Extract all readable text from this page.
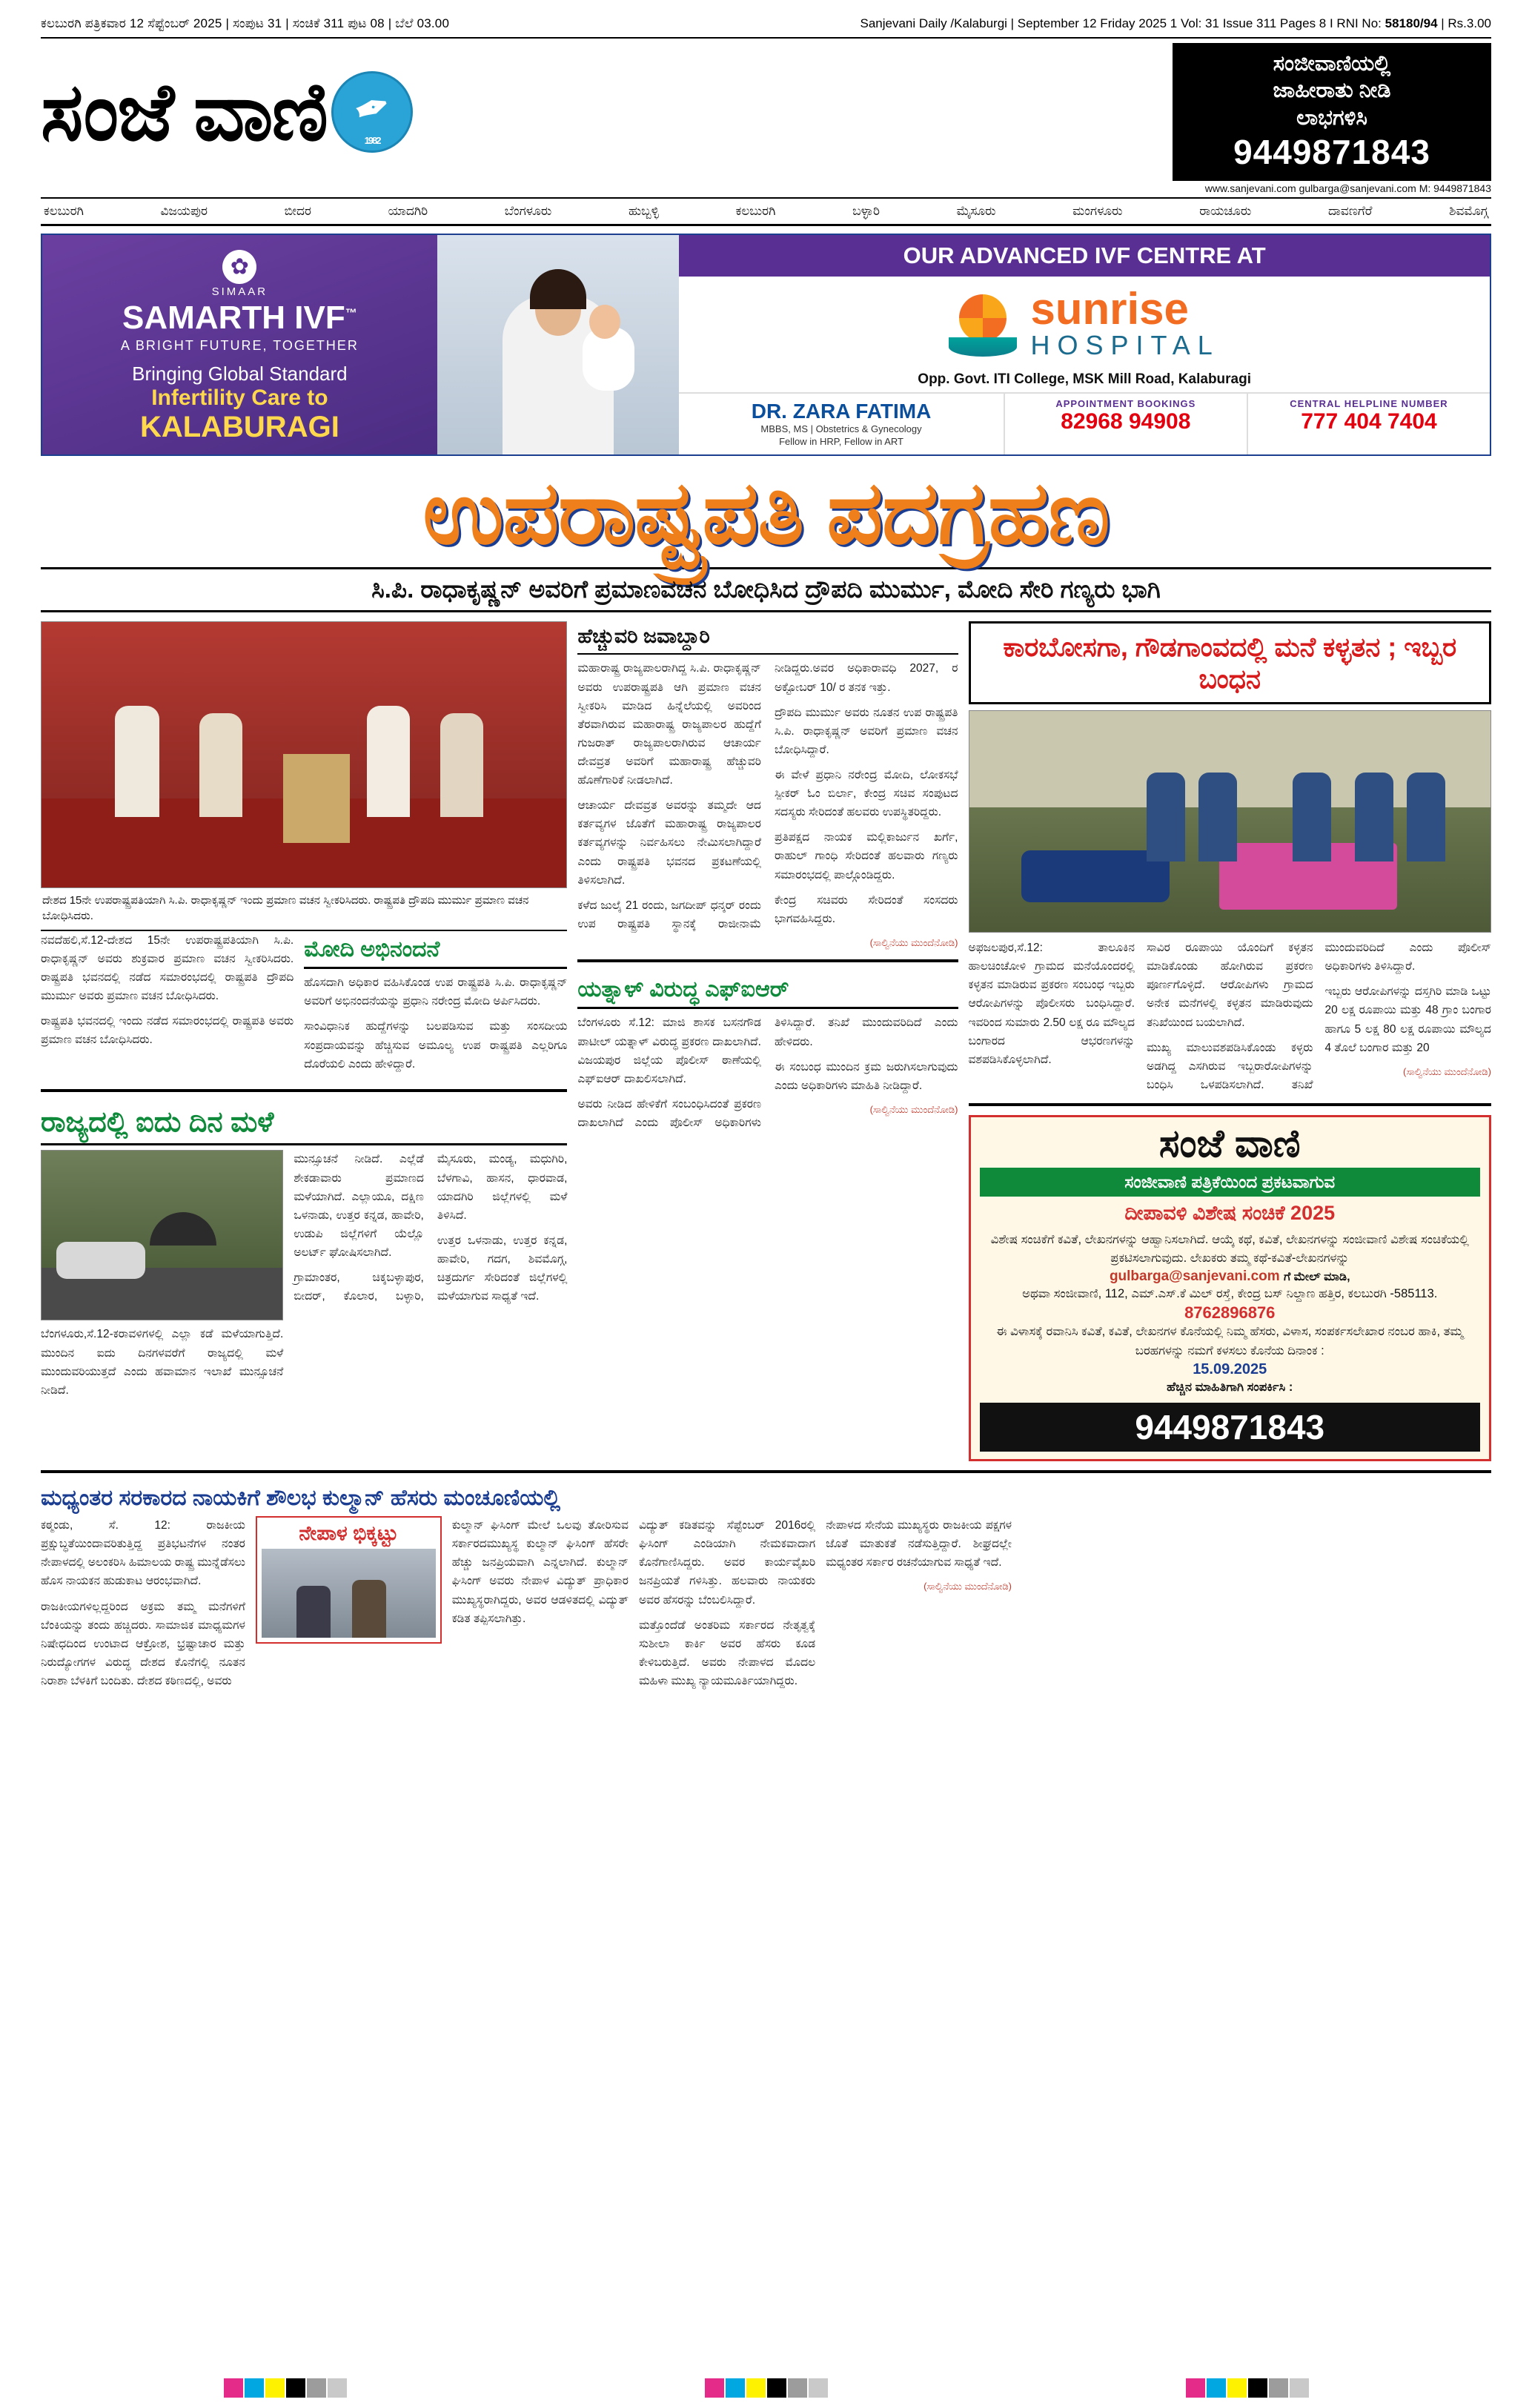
ಕಲಬುರಗಿ ಪತ್ರಿಕವಾರ 12 ಸೆಪ್ಟೆಂಬರ್ 2025 | ಸಂಪುಟ 31 | ಸಂಚಿಕೆ 311 ಪುಟ 08 | ಬೆಲೆ 03.00	Sanjevani Daily /Kalaburgi | September 12 Friday 2025 1 Vol: 31 Issue 311 Pages 8 I RNI No: 58180/94 | Rs.3.00
ಸಂಜೆ ವಾಣಿ	1982
✒
ಸಂಜೀವಾಣಿಯಲ್ಲಿ
ಜಾಹೀರಾತು ನೀಡಿ
ಲಾಭಗಳಿಸಿ
9449871843
www.sanjevani.com gulbarga@sanjevani.com M: 9449871843
ಕಲಬುರಗಿ	ವಿಜಯಪುರ	ಬೀದರ	ಯಾದಗಿರಿ	ಬೆಂಗಳೂರು	ಹುಬ್ಬಳ್ಳಿ	ಕಲಬುರಗಿ	ಬಳ್ಳಾರಿ	ಮೈಸೂರು	ಮಂಗಳೂರು	ರಾಯಚೂರು	ದಾವಣಗೆರೆ	ಶಿವಮೊಗ್ಗ
✿
SIMAAR
SAMARTH IVF™
A BRIGHT FUTURE, TOGETHER
Bringing Global Standard
Infertility Care to
KALABURAGI
OUR ADVANCED IVF CENTRE AT
sunrise
HOSPITAL
Opp. Govt. ITI College, MSK Mill Road, Kalaburagi
DR. ZARA FATIMA
MBBS, MS | Obstetrics & Gynecology
Fellow in HRP, Fellow in ART
APPOINTMENT BOOKINGS
82968 94908
CENTRAL HELPLINE NUMBER
777 404 7404
ಉಪರಾಷ್ಟ್ರಪತಿ ಪದಗ್ರಹಣ
ಸಿ.ಪಿ. ರಾಧಾಕೃಷ್ಣನ್ ಅವರಿಗೆ ಪ್ರಮಾಣವಚನ ಬೋಧಿಸಿದ ದ್ರೌಪದಿ ಮುರ್ಮು, ಮೋದಿ ಸೇರಿ ಗಣ್ಯರು ಭಾಗಿ
ದೇಶದ 15ನೇ ಉಪರಾಷ್ಟ್ರಪತಿಯಾಗಿ ಸಿ.ಪಿ. ರಾಧಾಕೃಷ್ಣನ್ ಇಂದು ಪ್ರಮಾಣ ವಚನ ಸ್ವೀಕರಿಸಿದರು. ರಾಷ್ಟ್ರಪತಿ ದ್ರೌಪದಿ ಮುರ್ಮು ಪ್ರಮಾಣ ವಚನ ಬೋಧಿಸಿದರು.

ನವದೆಹಲಿ,ಸೆ.12-ದೇಶದ 15ನೇ ಉಪರಾಷ್ಟ್ರಪತಿಯಾಗಿ ಸಿ.ಪಿ. ರಾಧಾಕೃಷ್ಣನ್ ಅವರು ಶುಕ್ರವಾರ ಪ್ರಮಾಣ ವಚನ ಸ್ವೀಕರಿಸಿದರು. ರಾಷ್ಟ್ರಪತಿ ಭವನದಲ್ಲಿ ನಡೆದ ಸಮಾರಂಭದಲ್ಲಿ ರಾಷ್ಟ್ರಪತಿ ದ್ರೌಪದಿ ಮುರ್ಮು ಅವರು ಪ್ರಮಾಣ ವಚನ ಬೋಧಿಸಿದರು.

ರಾಷ್ಟ್ರಪತಿ ಭವನದಲ್ಲಿ ಇಂದು ನಡೆದ ಸಮಾರಂಭದಲ್ಲಿ ರಾಷ್ಟ್ರಪತಿ ಅವರು ಪ್ರಮಾಣ ವಚನ ಬೋಧಿಸಿದರು.

ಮೋದಿ ಅಭಿನಂದನೆ

ಹೊಸದಾಗಿ ಅಧಿಕಾರ ವಹಿಸಿಕೊಂಡ ಉಪ ರಾಷ್ಟ್ರಪತಿ ಸಿ.ಪಿ. ರಾಧಾಕೃಷ್ಣನ್ ಅವರಿಗೆ ಅಭಿನಂದನೆಯನ್ನು ಪ್ರಧಾನಿ ನರೇಂದ್ರ ಮೋದಿ ಅರ್ಪಿಸಿದರು.

ಸಾಂವಿಧಾನಿಕ ಹುದ್ದೆಗಳನ್ನು ಬಲಪಡಿಸುವ ಮತ್ತು ಸಂಸದೀಯ ಸಂಪ್ರದಾಯವನ್ನು ಹೆಚ್ಚಿಸುವ ಅಮೂಲ್ಯ ಉಪ ರಾಷ್ಟ್ರಪತಿ ಎಲ್ಲರಿಗೂ ದೊರೆಯಲಿ ಎಂದು ಹೇಳಿದ್ದಾರೆ.

ರಾಜ್ಯದಲ್ಲಿ ಐದು ದಿನ ಮಳೆ

ಬೆಂಗಳೂರು,ಸೆ.12-ಕರಾವಳಿಗಳಲ್ಲಿ ಎಲ್ಲಾ ಕಡೆ ಮಳೆಯಾಗುತ್ತಿದೆ. ಮುಂದಿನ ಐದು ದಿನಗಳವರೆಗೆ ರಾಜ್ಯದಲ್ಲಿ ಮಳೆ ಮುಂದುವರಿಯುತ್ತದೆ ಎಂದು ಹವಾಮಾನ ಇಲಾಖೆ ಮುನ್ಸೂಚನೆ ನೀಡಿದೆ.

ಮುನ್ಸೂಚನೆ ನೀಡಿದೆ. ಎಲ್ಲೆಡೆ ಶೇಕಡಾವಾರು ಪ್ರಮಾಣದ ಮಳೆಯಾಗಿದೆ. ಎಲ್ಲಾಯೂ, ದಕ್ಷಿಣ ಒಳನಾಡು, ಉತ್ತರ ಕನ್ನಡ, ಹಾವೇರಿ, ಉಡುಪಿ ಜಿಲ್ಲೆಗಳಿಗೆ ಯೆಲ್ಲೊ ಅಲರ್ಟ್ ಘೋಷಿಸಲಾಗಿದೆ.

ಗ್ರಾಮಾಂತರ, ಚಿಕ್ಕಬಳ್ಳಾಪುರ, ಬೀದರ್, ಕೊಲಾರ, ಬಳ್ಳಾರಿ, ಮೈಸೂರು, ಮಂಡ್ಯ, ಮಧುಗಿರಿ, ಬೆಳಗಾವಿ, ಹಾಸನ, ಧಾರವಾಡ, ಯಾದಗಿರಿ ಜಿಲ್ಲೆಗಳಲ್ಲಿ ಮಳೆ ತಿಳಿಸಿದೆ.

ಉತ್ತರ ಒಳನಾಡು, ಉತ್ತರ ಕನ್ನಡ, ಹಾವೇರಿ, ಗದಗ, ಶಿವಮೊಗ್ಗ, ಚಿತ್ರದುರ್ಗ ಸೇರಿದಂತೆ ಜಿಲ್ಲೆಗಳಲ್ಲಿ ಮಳೆಯಾಗುವ ಸಾಧ್ಯತೆ ಇದೆ.

ಹೆಚ್ಚುವರಿ ಜವಾಬ್ದಾರಿ

ಮಹಾರಾಷ್ಟ್ರ ರಾಜ್ಯಪಾಲರಾಗಿದ್ದ ಸಿ.ಪಿ. ರಾಧಾಕೃಷ್ಣನ್ ಅವರು ಉಪರಾಷ್ಟ್ರಪತಿ ಆಗಿ ಪ್ರಮಾಣ ವಚನ ಸ್ವೀಕರಿಸಿ ಮಾಡಿದ ಹಿನ್ನೆಲೆಯಲ್ಲಿ ಅವರಿಂದ ತೆರವಾಗಿರುವ ಮಹಾರಾಷ್ಟ್ರ ರಾಜ್ಯಪಾಲರ ಹುದ್ದೆಗೆ ಗುಜರಾತ್ ರಾಜ್ಯಪಾಲರಾಗಿರುವ ಆಚಾರ್ಯ ದೇವವ್ರತ ಅವರಿಗೆ ಮಹಾರಾಷ್ಟ್ರ ಹೆಚ್ಚುವರಿ ಹೊಣೆಗಾರಿಕೆ ನೀಡಲಾಗಿದೆ.

ಆಚಾರ್ಯ ದೇವವ್ರತ ಅವರನ್ನು ತಮ್ಮದೇ ಆದ ಕರ್ತವ್ಯಗಳ ಜೊತೆಗೆ ಮಹಾರಾಷ್ಟ್ರ ರಾಜ್ಯಪಾಲರ ಕರ್ತವ್ಯಗಳನ್ನು ನಿರ್ವಹಿಸಲು ನೇಮಿಸಲಾಗಿದ್ದಾರೆ ಎಂದು ರಾಷ್ಟ್ರಪತಿ ಭವನದ ಪ್ರಕಟಣೆಯಲ್ಲಿ ತಿಳಿಸಲಾಗಿದೆ.

ಕಳೆದ ಜುಲೈ 21 ರಂದು, ಜಗದೀಪ್ ಧನ್ಕರ್ ರಂದು ಉಪ ರಾಷ್ಟ್ರಪತಿ ಸ್ಥಾನಕ್ಕೆ ರಾಜೀನಾಮೆ ನೀಡಿದ್ದರು.ಅವರ ಅಧಿಕಾರಾವಧಿ 2027, ರ ಅಕ್ಟೋಬರ್ 10/ ರ ತನಕ ಇತ್ತು.

ದ್ರೌಪದಿ ಮುರ್ಮು ಅವರು ನೂತನ ಉಪ ರಾಷ್ಟ್ರಪತಿ ಸಿ.ಪಿ. ರಾಧಾಕೃಷ್ಣನ್ ಅವರಿಗೆ ಪ್ರಮಾಣ ವಚನ ಬೋಧಿಸಿದ್ದಾರೆ.

ಈ ವೇಳೆ ಪ್ರಧಾನಿ ನರೇಂದ್ರ ಮೋದಿ, ಲೋಕಸಭೆ ಸ್ಪೀಕರ್ ಓಂ ಬಿರ್ಲಾ, ಕೇಂದ್ರ ಸಚಿವ ಸಂಪುಟದ ಸದಸ್ಯರು ಸೇರಿದಂತೆ ಹಲವರು ಉಪಸ್ಥಿತರಿದ್ದರು.

ಪ್ರತಿಪಕ್ಷದ ನಾಯಕ ಮಲ್ಲಿಕಾರ್ಜುನ ಖರ್ಗೆ, ರಾಹುಲ್ ಗಾಂಧಿ ಸೇರಿದಂತೆ ಹಲವಾರು ಗಣ್ಯರು ಸಮಾರಂಭದಲ್ಲಿ ಪಾಲ್ಗೊಂಡಿದ್ದರು.

ಕೇಂದ್ರ ಸಚಿವರು ಸೇರಿದಂತೆ ಸಂಸದರು ಭಾಗವಹಿಸಿದ್ದರು.

(ಸಾಲ್ವಿನೆಯು ಮುಂದೆನೋಡಿ)
ಯತ್ನಾಳ್ ವಿರುದ್ಧ ಎಫ್‌ಐಆರ್

ಬೆಂಗಳೂರು ಸೆ.12: ಮಾಜಿ ಶಾಸಕ ಬಸನಗೌಡ ಪಾಟೀಲ್ ಯತ್ನಾಳ್ ವಿರುದ್ಧ ಪ್ರಕರಣ ದಾಖಲಾಗಿದೆ. ವಿಜಯಪುರ ಜಿಲ್ಲೆಯ ಪೊಲೀಸ್ ಠಾಣೆಯಲ್ಲಿ ಎಫ್‌ಐಆರ್ ದಾಖಲಿಸಲಾಗಿದೆ.

ಅವರು ನೀಡಿದ ಹೇಳಿಕೆಗೆ ಸಂಬಂಧಿಸಿದಂತೆ ಪ್ರಕರಣ ದಾಖಲಾಗಿದೆ ಎಂದು ಪೊಲೀಸ್ ಅಧಿಕಾರಿಗಳು ತಿಳಿಸಿದ್ದಾರೆ. ತನಿಖೆ ಮುಂದುವರಿದಿದೆ ಎಂದು ಹೇಳಿದರು.

ಈ ಸಂಬಂಧ ಮುಂದಿನ ಕ್ರಮ ಜರುಗಿಸಲಾಗುವುದು ಎಂದು ಅಧಿಕಾರಿಗಳು ಮಾಹಿತಿ ನೀಡಿದ್ದಾರೆ.

(ಸಾಲ್ವಿನೆಯು ಮುಂದೆನೋಡಿ)
ಕಾರಬೋಸಗಾ, ಗೌಡಗಾಂವದಲ್ಲಿ ಮನೆ ಕಳ್ಳತನ ; ಇಬ್ಬರ ಬಂಧನ

ಅಫಜಲಪುರ,ಸೆ.12: ತಾಲೂಕಿನ ಹಾಲಚಿಂಚೋಳಿ ಗ್ರಾಮದ ಮನೆಯೊಂದರಲ್ಲಿ ಕಳ್ಳತನ ಮಾಡಿರುವ ಪ್ರಕರಣ ಸಂಬಂಧ ಇಬ್ಬರು ಆರೋಪಿಗಳನ್ನು ಪೊಲೀಸರು ಬಂಧಿಸಿದ್ದಾರೆ. ಇವರಿಂದ ಸುಮಾರು 2.50 ಲಕ್ಷ ರೂ ಮೌಲ್ಯದ ಬಂಗಾರದ ಆಭರಣಗಳನ್ನು ವಶಪಡಿಸಿಕೊಳ್ಳಲಾಗಿದೆ.

ಸಾವಿರ ರೂಪಾಯಿ ಯೊಂದಿಗೆ ಕಳ್ಳತನ ಮಾಡಿಕೊಂಡು ಹೋಗಿರುವ ಪ್ರಕರಣ ಪೂರ್ಣಗೊಳ್ಳಿದೆ. ಆರೋಪಿಗಳು ಗ್ರಾಮದ ಅನೇಕ ಮನೆಗಳಲ್ಲಿ ಕಳ್ಳತನ ಮಾಡಿರುವುದು ತನಿಖೆಯಿಂದ ಬಯಲಾಗಿದೆ.

ಮುಖ್ಯ ಮಾಲುವಶಪಡಿಸಿಕೊಂಡು ಕಳ್ಳರು ಅಡಗಿದ್ದ ಎಸಗಿರುವ ಇಬ್ಬರಾರೋಪಿಗಳನ್ನು ಬಂಧಿಸಿ ಒಳಪಡಿಸಲಾಗಿದೆ. ತನಿಖೆ ಮುಂದುವರಿದಿದೆ ಎಂದು ಪೊಲೀಸ್ ಅಧಿಕಾರಿಗಳು ತಿಳಿಸಿದ್ದಾರೆ.

ಇಬ್ಬರು ಆರೋಪಿಗಳನ್ನು ದಸ್ತಗಿರಿ ಮಾಡಿ ಒಟ್ಟು 20 ಲಕ್ಷ ರೂಪಾಯಿ ಮತ್ತು 48 ಗ್ರಾಂ ಬಂಗಾರ ಹಾಗೂ 5 ಲಕ್ಷ 80 ಲಕ್ಷ ರೂಪಾಯಿ ಮೌಲ್ಯದ 4 ತೊಲೆ ಬಂಗಾರ ಮತ್ತು 20

(ಸಾಲ್ವಿನೆಯು ಮುಂದೆನೋಡಿ)
ಸಂಜೆ ವಾಣಿ
ಸಂಜೀವಾಣಿ ಪತ್ರಿಕೆಯಿಂದ ಪ್ರಕಟವಾಗುವ
ದೀಪಾವಳಿ ವಿಶೇಷ ಸಂಚಿಕೆ 2025
ವಿಶೇಷ ಸಂಚಿಕೆಗೆ ಕವಿತೆ, ಲೇಖನಗಳನ್ನು ಆಹ್ವಾನಿಸಲಾಗಿದೆ. ಆಯ್ಕೆ ಕಥೆ, ಕವಿತೆ, ಲೇಖನಗಳನ್ನು ಸಂಜೀವಾಣಿ ವಿಶೇಷ ಸಂಚಿಕೆಯಲ್ಲಿ ಪ್ರಕಟಿಸಲಾಗುವುದು. ಲೇಖಕರು ತಮ್ಮ ಕಥೆ-ಕವಿತೆ-ಲೇಖನಗಳನ್ನು
gulbarga@sanjevani.com ಗೆ ಮೇಲ್ ಮಾಡಿ,
ಅಥವಾ ಸಂಜೀವಾಣಿ, 112, ಎಮ್.ಎಸ್.ಕೆ ಮಿಲ್ ರಸ್ತೆ, ಕೇಂದ್ರ ಬಸ್ ನಿಲ್ದಾಣ ಹತ್ತಿರ, ಕಲಬುರಗಿ -585113.
8762896876
ಈ ವಿಳಾಸಕ್ಕೆ ರವಾನಿಸಿ ಕವಿತೆ, ಕವಿತೆ, ಲೇಖನಗಳ ಕೊನೆಯಲ್ಲಿ ನಿಮ್ಮ ಹೆಸರು, ವಿಳಾಸ, ಸಂಪರ್ಕಸಲೇಖಾರ ನಂಬರ ಹಾಕಿ, ತಮ್ಮ ಬರಹಗಳನ್ನು ನಮಗೆ ಕಳಸಲು ಕೊನೆಯ ದಿನಾಂಕ :
15.09.2025
ಹೆಚ್ಚಿನ ಮಾಹಿತಿಗಾಗಿ ಸಂಪರ್ಕಿಸಿ :
9449871843
ಮಧ್ಯಂತರ ಸರಕಾರದ ನಾಯಕಿಗೆ ಶೌಲಭ ಕುಲ್ಮಾನ್ ಹೆಸರು ಮಂಚೂಣಿಯಲ್ಲಿ

ಕಠ್ಮಂಡು, ಸೆ. 12: ರಾಜಕೀಯ ಪ್ರಕ್ಷುಬ್ಧತೆಯಿಂದಾವರಿತುತ್ತಿದ್ದ ಪ್ರತಿಭಟನೆಗಳ ನಂತರ ನೇಪಾಳದಲ್ಲಿ ಅಲಂಕರಿಸಿ ಹಿಮಾಲಯ ರಾಷ್ಟ್ರ ಮುನ್ನೆಡೆಸಲು ಹೊಸ ನಾಯಕನ ಹುಡುಕಾಟ ಆರಂಭವಾಗಿದೆ.

ರಾಜಕೀಯಗಳಿಲ್ಲದ್ದರಿಂದ ಅಕ್ರಮ ತಮ್ಮ ಮನೆಗಳಿಗೆ ಬೆಂಕಿಯನ್ನು ತಂದು ಹಚ್ಚಿದರು. ಸಾಮಾಜಿಕ ಮಾಧ್ಯಮಗಳ ನಿಷೇಧದಿಂದ ಉಂಟಾದ ಆಕ್ರೋಶ, ಭ್ರಷ್ಟಾಚಾರ ಮತ್ತು ನಿರುದ್ಯೋಗಗಳ ವಿರುದ್ಧ ದೇಶದ ಕೊನೆಗಲ್ಲಿ ನೂತನ ನಿರಾಶಾ ಬೆಳಕಿಗೆ ಬಂದಿತು. ದೇಶದ ಕಠಿಣದಲ್ಲಿ, ಅವರು

ನೇಪಾಳ ಭಿಕ್ಕಟ್ಟು	ಕುಲ್ಮಾನ್ ಘಿಸಿಂಗ್ ಮೇಲೆ ಒಲವು ತೋರಿಸುವ ಸರ್ಕಾರದಮುಖ್ಯಸ್ಥ ಕುಲ್ಮಾನ್ ಘಿಸಿಂಗ್ ಹೆಸರೇ ಹೆಚ್ಚು ಜನಪ್ರಿಯವಾಗಿ ಎನ್ನಲಾಗಿದೆ. ಕುಲ್ಮಾನ್ ಘಿಸಿಂಗ್ ಅವರು ನೇಪಾಳ ವಿದ್ಯುತ್ ಪ್ರಾಧಿಕಾರ ಮುಖ್ಯಸ್ಥರಾಗಿದ್ದರು, ಅವರ ಆಡಳಿತದಲ್ಲಿ ವಿದ್ಯುತ್ ಕಡಿತ ತಪ್ಪಿಸಲಾಗಿತ್ತು.

ವಿದ್ಯುತ್ ಕಡಿತವನ್ನು ಸೆಪ್ಟೆಂಬರ್ 2016ರಲ್ಲಿ ಘಿಸಿಂಗ್ ಎಂಡಿಯಾಗಿ ನೇಮಕವಾದಾಗ ಕೊನೆಗಾಣಿಸಿದ್ದರು. ಅವರ ಕಾರ್ಯವೈಖರಿ ಜನಪ್ರಿಯತೆ ಗಳಿಸಿತ್ತು. ಹಲವಾರು ನಾಯಕರು ಅವರ ಹೆಸರನ್ನು ಬೆಂಬಲಿಸಿದ್ದಾರೆ.

ಮತ್ತೊಂದೆಡೆ ಅಂತರಿಮ ಸರ್ಕಾರದ ನೇತೃತ್ವಕ್ಕೆ ಸುಶೀಲಾ ಕಾರ್ಕಿ ಅವರ ಹೆಸರು ಕೂಡ ಕೇಳಿಬರುತ್ತಿದೆ. ಅವರು ನೇಪಾಳದ ಮೊದಲ ಮಹಿಳಾ ಮುಖ್ಯ ನ್ಯಾಯಮೂರ್ತಿಯಾಗಿದ್ದರು.

ನೇಪಾಳದ ಸೇನೆಯ ಮುಖ್ಯಸ್ಥರು ರಾಜಕೀಯ ಪಕ್ಷಗಳ ಜೊತೆ ಮಾತುಕತೆ ನಡೆಸುತ್ತಿದ್ದಾರೆ. ಶೀಘ್ರದಲ್ಲೇ ಮಧ್ಯಂತರ ಸರ್ಕಾರ ರಚನೆಯಾಗುವ ಸಾಧ್ಯತೆ ಇದೆ.

(ಸಾಲ್ವಿನೆಯು ಮುಂದೆನೋಡಿ)
